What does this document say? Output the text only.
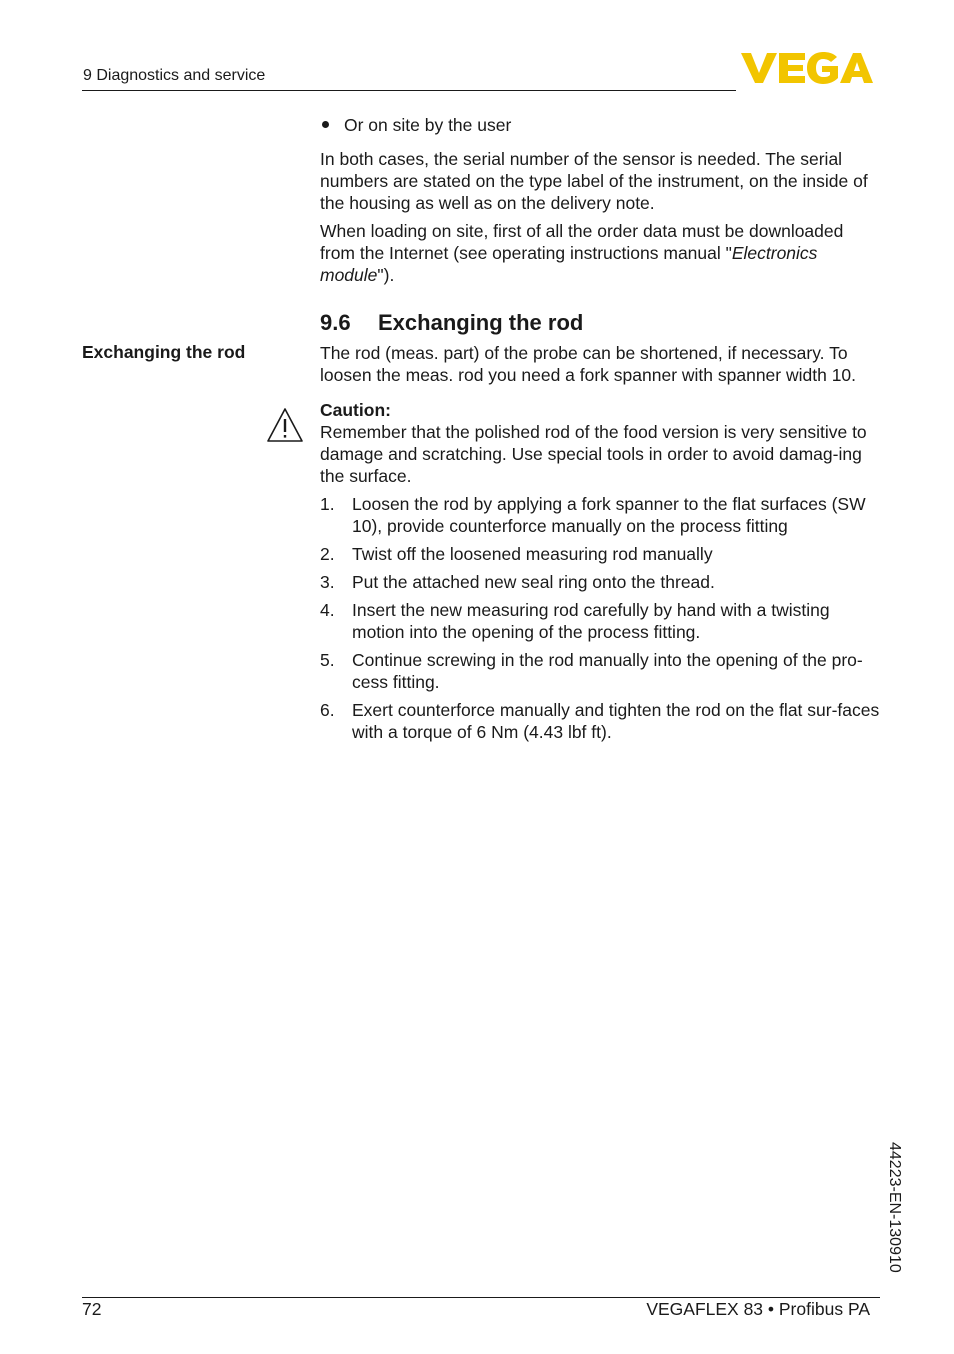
9 Diagnostics and service
Or on site by the user

In both cases, the serial number of the sensor is needed. The serial numbers are stated on the type label of the instrument, on the inside of the housing as well as on the delivery note.

When loading on site, first of all the order data must be downloaded from the Internet (see operating instructions manual "Electronics module").

9.6 Exchanging the rod
Exchanging the rod	The rod (meas. part) of the probe can be shortened, if necessary. To loosen the meas. rod you need a fork spanner with spanner width 10.

Caution:

Remember that the polished rod of the food version is very sensitive to damage and scratching. Use special tools in order to avoid damag-ing the surface.

1. Loosen the rod by applying a fork spanner to the flat surfaces (SW 10), provide counterforce manually on the process fitting
2. Twist off the loosened measuring rod manually
3. Put the attached new seal ring onto the thread.
4. Insert the new measuring rod carefully by hand with a twisting motion into the opening of the process fitting.
5. Continue screwing in the rod manually into the opening of the pro-cess fitting.
6. Exert counterforce manually and tighten the rod on the flat sur-faces with a torque of 6 Nm (4.43 lbf ft).
44223-EN-130910
72	VEGAFLEX 83 • Profibus PA
